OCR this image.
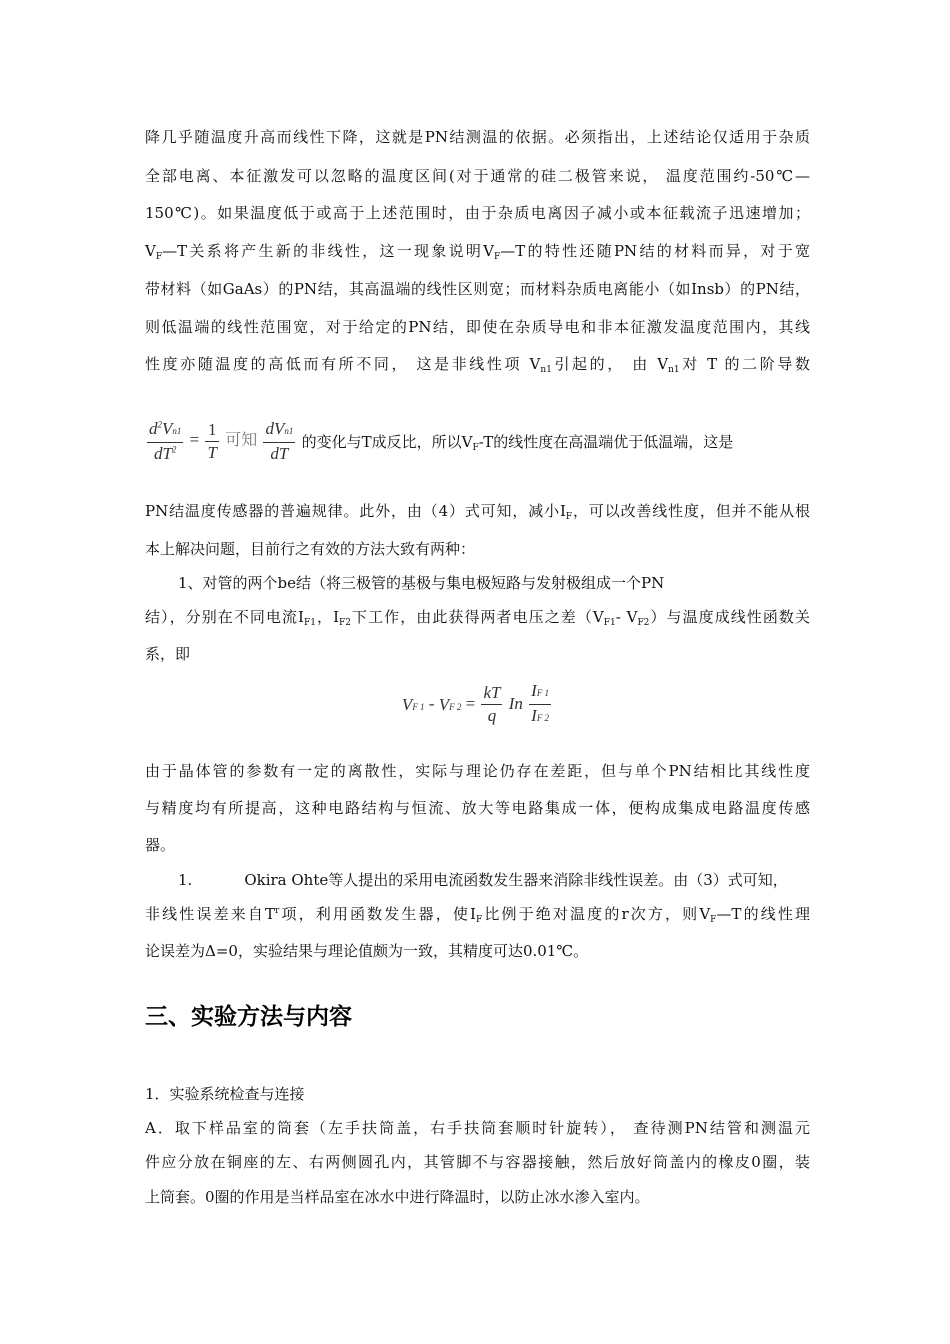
降几乎随温度升高而线性下降，这就是PN结测温的依据。必须指出，上述结论仅适用于杂质

全部电离、本征激发可以忽略的温度区间(对于通常的硅二极管来说， 温度范围约-50℃—

150℃)。如果温度低于或高于上述范围时，由于杂质电离因子减小或本征载流子迅速增加；

$V_F—T$关系将产生新的非线性，这一现象说明$V_F—T$的特性还随PN结的材料而异，对于宽

带材料（如GaAs）的PN结，其高温端的线性区则宽；而材料杂质电离能小（如Insb）的PN结，

则低温端的线性范围宽，对于给定的PN结，即使在杂质导电和非本征激发温度范围内，其线

性度亦随温度的高低而有所不同， 这是非线性项 $V_{n1}$引起的， 由 $V_{n1}$对 T 的二阶导数

$\frac{d^2Vn1}{dT^2} = \frac{1}{T}$ 可知 $\frac{\text{dVn1}}{dT}$ 的变化与T成反比，所以$V_F-T$的线性度在高温端优于低温端，这是

PN结温度传感器的普遍规律。此外，由（4）式可知，减小$I_F$，可以改善线性度，但并不能从根

本上解决问题，目前行之有效的方法大致有两种：

1、对管的两个be结（将三极管的基极与集电极短路与发射极组成一个PN

结），分别在不同电流$I_{F1}$，$I_{F2}$下工作，由此获得两者电压之差（$V_{F1}-$ $V_{F2}$）与温度成线性函数关

系，即

VF 1 - VF $2 = \frac{kT}{q}$ In $\frac{IF 1}{IF 2}$

由于晶体管的参数有一定的离散性，实际与理论仍存在差距，但与单个PN结相比其线性度

与精度均有所提高，这种电路结构与恒流、放大等电路集成一体，便构成集成电路温度传感

器。

1.	Okira Ohte等人提出的采用电流函数发生器来消除非线性误差。由（3）式可知，

非线性误差来自$T^r$项，利用函数发生器，使$I_F$比例于绝对温度的r次方，则$V_F—T$的线性理

论误差为Δ=0，实验结果与理论值颇为一致，其精度可达0.01℃。

三、实验方法与内容

1．实验系统检查与连接

A．取下样品室的筒套（左手扶筒盖，右手扶筒套顺时针旋转）， 查待测PN结管和测温元

件应分放在铜座的左、右两侧圆孔内，其管脚不与容器接触，然后放好筒盖内的橡皮0圈，装

上筒套。0圈的作用是当样品室在冰水中进行降温时，以防止冰水渗入室内。
